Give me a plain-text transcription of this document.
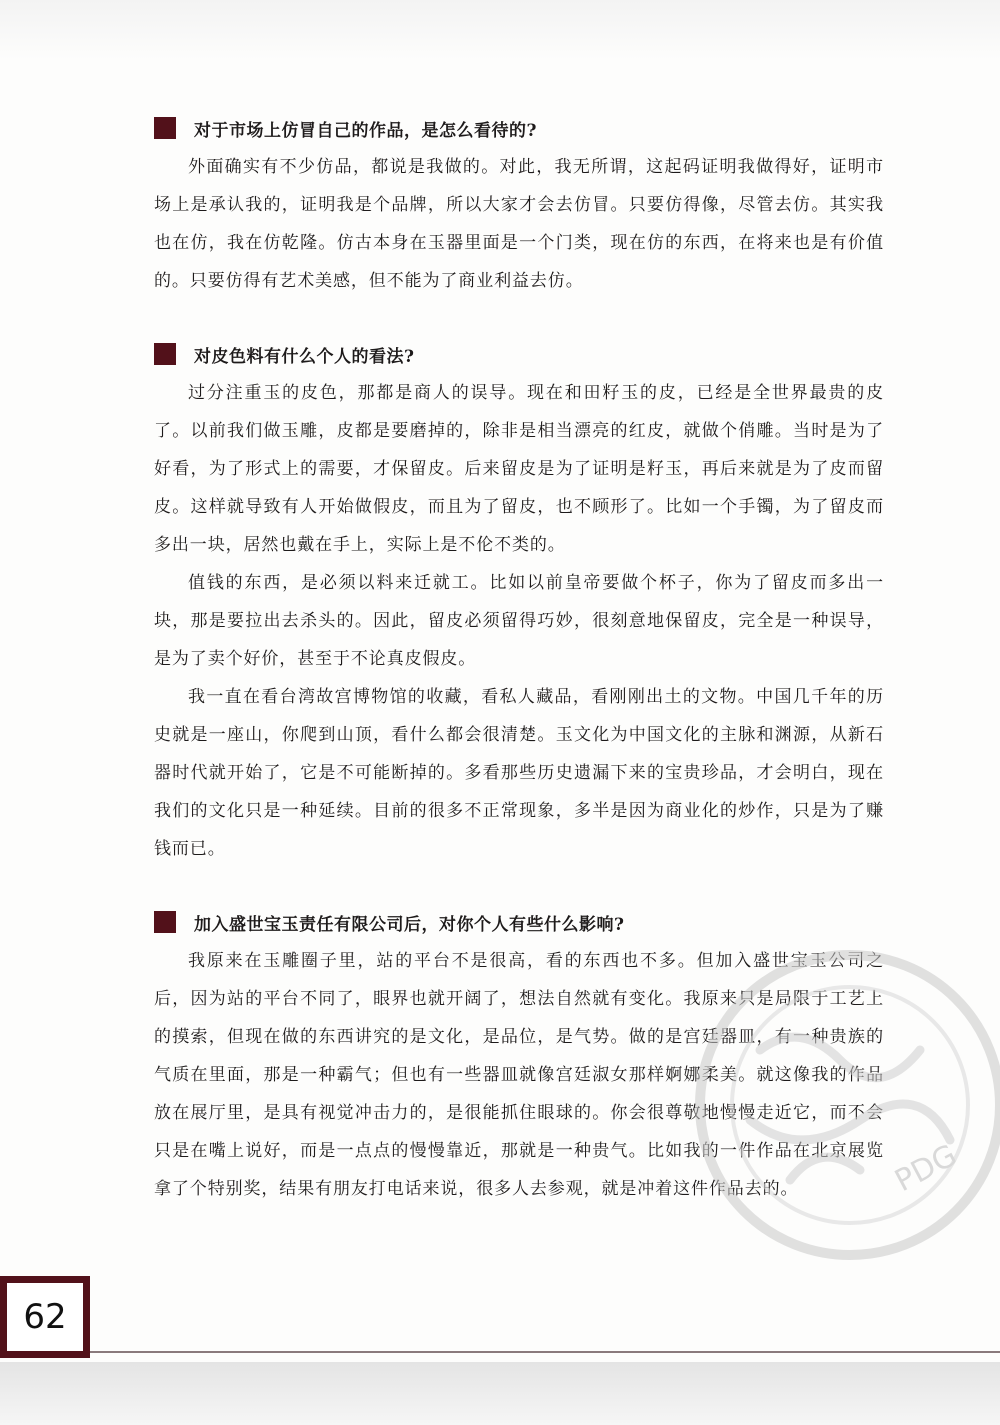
对于市场上仿冒自己的作品，是怎么看待的?

外面确实有不少仿品，都说是我做的。对此，我无所谓，这起码证明我做得好，证明市场上是承认我的，证明我是个品牌，所以大家才会去仿冒。只要仿得像，尽管去仿。其实我也在仿，我在仿乾隆。仿古本身在玉器里面是一个门类，现在仿的东西，在将来也是有价值的。只要仿得有艺术美感，但不能为了商业利益去仿。

对皮色料有什么个人的看法?

过分注重玉的皮色，那都是商人的误导。现在和田籽玉的皮，已经是全世界最贵的皮了。以前我们做玉雕，皮都是要磨掉的，除非是相当漂亮的红皮，就做个俏雕。当时是为了好看，为了形式上的需要，才保留皮。后来留皮是为了证明是籽玉，再后来就是为了皮而留皮。这样就导致有人开始做假皮，而且为了留皮，也不顾形了。比如一个手镯，为了留皮而多出一块，居然也戴在手上，实际上是不伦不类的。

值钱的东西，是必须以料来迁就工。比如以前皇帝要做个杯子，你为了留皮而多出一块，那是要拉出去杀头的。因此，留皮必须留得巧妙，很刻意地保留皮，完全是一种误导，是为了卖个好价，甚至于不论真皮假皮。

我一直在看台湾故宫博物馆的收藏，看私人藏品，看刚刚出土的文物。中国几千年的历史就是一座山，你爬到山顶，看什么都会很清楚。玉文化为中国文化的主脉和渊源，从新石器时代就开始了，它是不可能断掉的。多看那些历史遗漏下来的宝贵珍品，才会明白，现在我们的文化只是一种延续。目前的很多不正常现象，多半是因为商业化的炒作，只是为了赚钱而已。

加入盛世宝玉责任有限公司后，对你个人有些什么影响?

我原来在玉雕圈子里，站的平台不是很高，看的东西也不多。但加入盛世宝玉公司之后，因为站的平台不同了，眼界也就开阔了，想法自然就有变化。我原来只是局限于工艺上的摸索，但现在做的东西讲究的是文化，是品位，是气势。做的是宫廷器皿，有一种贵族的气质在里面，那是一种霸气；但也有一些器皿就像宫廷淑女那样婀娜柔美。就这像我的作品放在展厅里，是具有视觉冲击力的，是很能抓住眼球的。你会很尊敬地慢慢走近它，而不会只是在嘴上说好，而是一点点的慢慢靠近，那就是一种贵气。比如我的一件作品在北京展览拿了个特别奖，结果有朋友打电话来说，很多人去参观，就是冲着这件作品去的。	PDG
62
